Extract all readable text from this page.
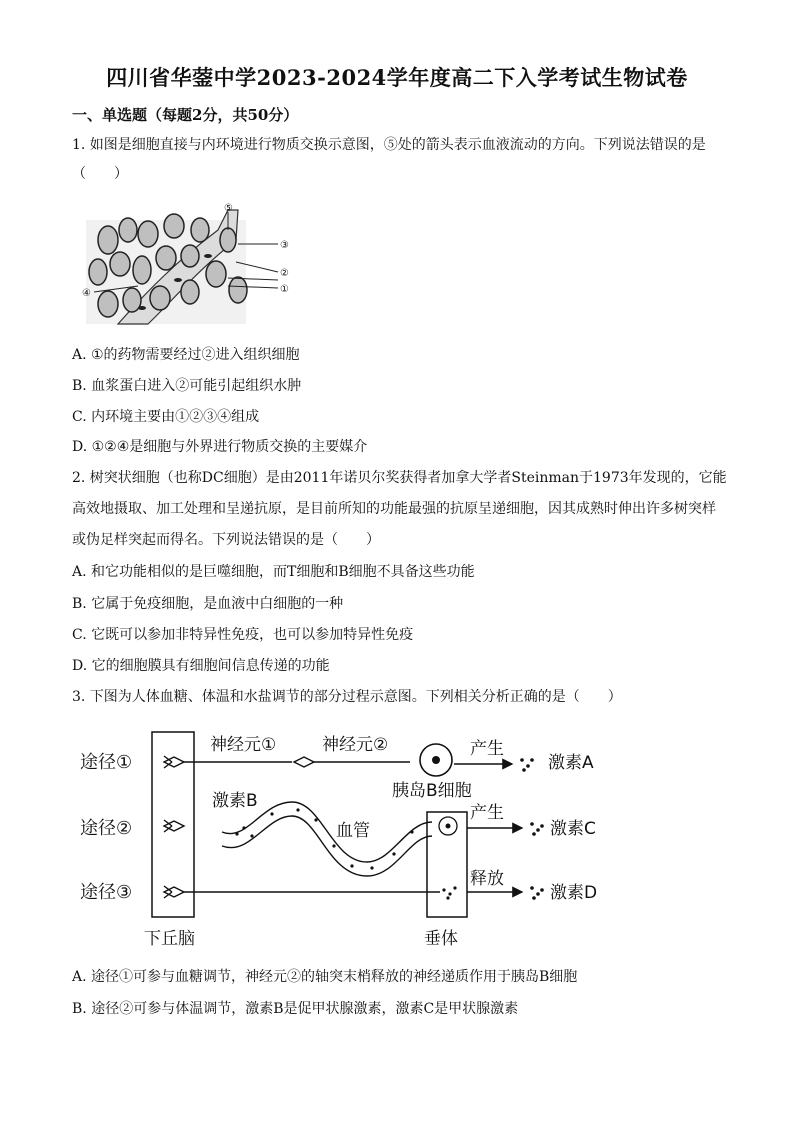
四川省华蓥中学2023-2024学年度高二下入学考试生物试卷
一、单选题（每题2分，共50分）
1. 如图是细胞直接与内环境进行物质交换示意图，⑤处的箭头表示血液流动的方向。下列说法错误的是
（　　）
⑤
③
②
①
④
A. ①的药物需要经过②进入组织细胞
B. 血浆蛋白进入②可能引起组织水肿
C. 内环境主要由①②③④组成
D. ①②④是细胞与外界进行物质交换的主要媒介
2. 树突状细胞（也称DC细胞）是由2011年诺贝尔奖获得者加拿大学者Steinman于1973年发现的，它能
高效地摄取、加工处理和呈递抗原，是目前所知的功能最强的抗原呈递细胞，因其成熟时伸出许多树突样
或伪足样突起而得名。下列说法错误的是（　　）
A. 和它功能相似的是巨噬细胞，而T细胞和B细胞不具备这些功能
B. 它属于免疫细胞，是血液中白细胞的一种
C. 它既可以参加非特异性免疫，也可以参加特异性免疫
D. 它的细胞膜具有细胞间信息传递的功能
3. 下图为人体血糖、体温和水盐调节的部分过程示意图。下列相关分析正确的是（　　）
途径①
途径②
途径③
神经元①	神经元②
胰岛B细胞
激素B
血管
产生
产生
释放
激素A
激素C
激素D
下丘脑	垂体
A. 途径①可参与血糖调节，神经元②的轴突末梢释放的神经递质作用于胰岛B细胞
B. 途径②可参与体温调节，激素B是促甲状腺激素，激素C是甲状腺激素
